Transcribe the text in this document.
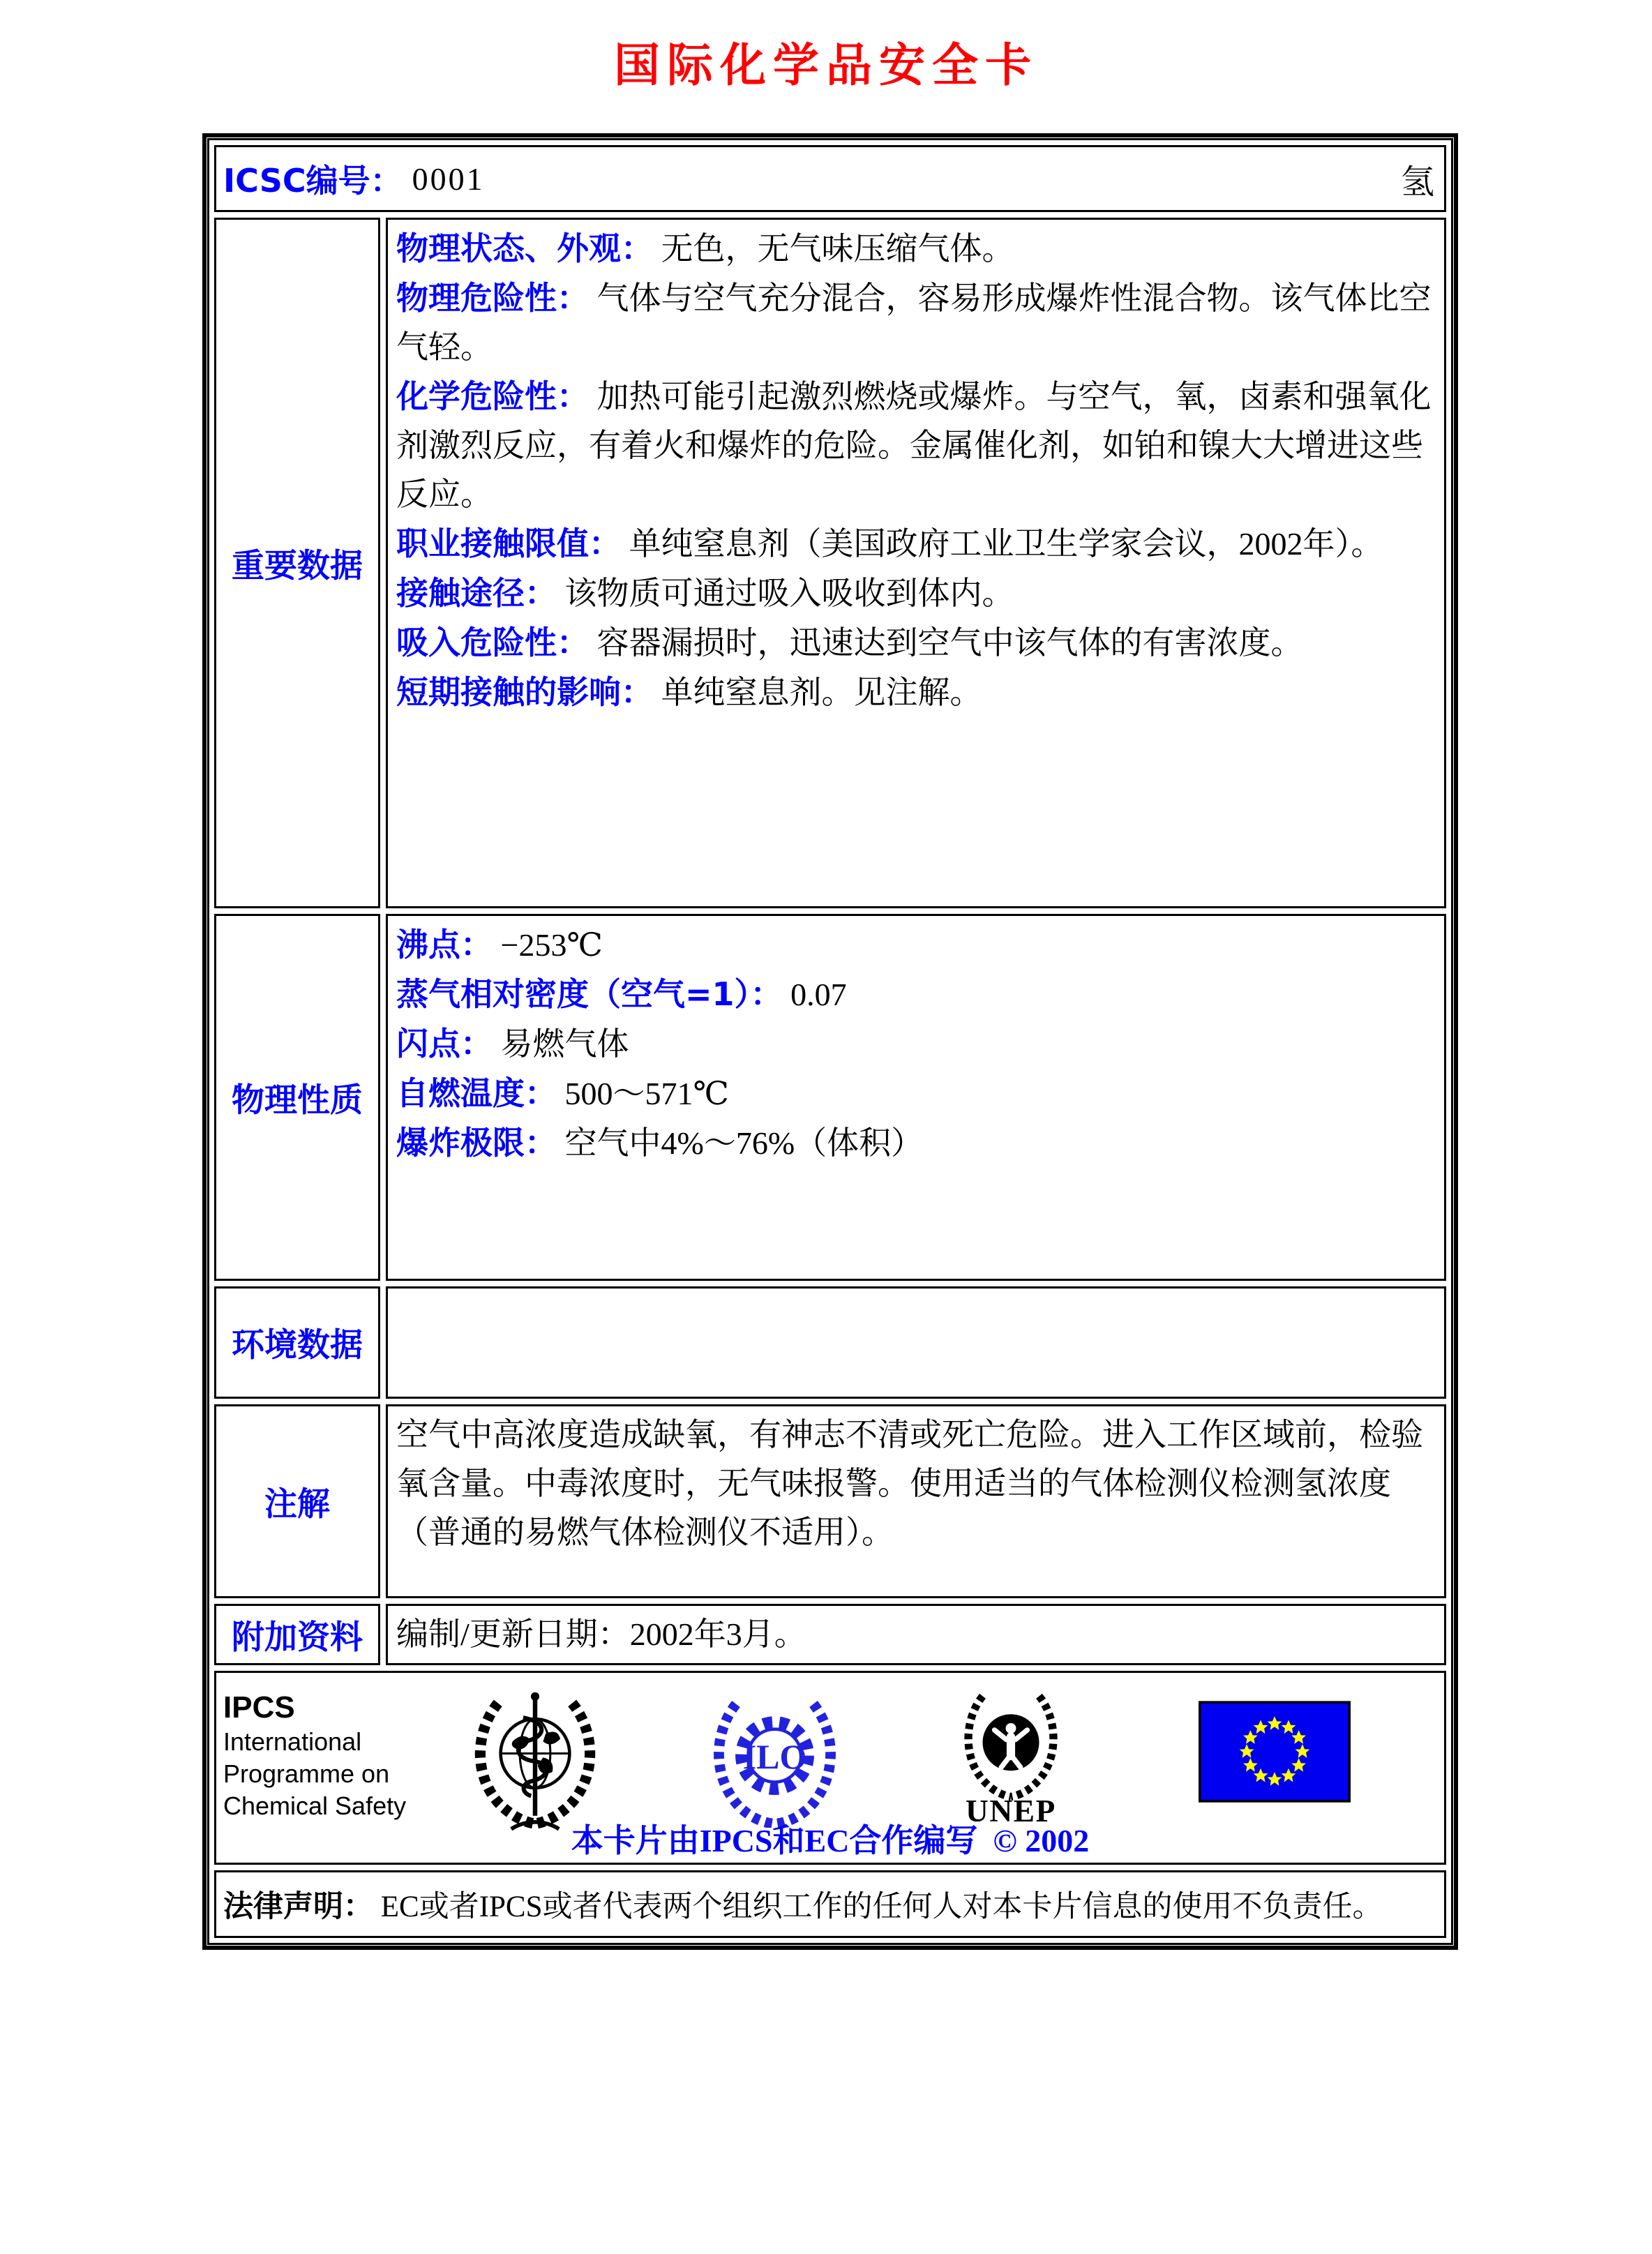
国际化学品安全卡
ICSC编号： 0001	氢
重要数据
物理状态、外观： 无色，无气味压缩气体。
物理危险性： 气体与空气充分混合，容易形成爆炸性混合物。该气体比空气轻。
化学危险性： 加热可能引起激烈燃烧或爆炸。与空气，氧，卤素和强氧化剂激烈反应，有着火和爆炸的危险。金属催化剂，如铂和镍大大增进这些反应。
职业接触限值： 单纯窒息剂（美国政府工业卫生学家会议，2002年）。
接触途径： 该物质可通过吸入吸收到体内。
吸入危险性： 容器漏损时，迅速达到空气中该气体的有害浓度。
短期接触的影响： 单纯窒息剂。见注解。
物理性质
沸点： −253℃
蒸气相对密度（空气=1）： 0.07
闪点： 易燃气体
自燃温度： 500～571℃
爆炸极限： 空气中4%～76%（体积）
环境数据
注解
空气中高浓度造成缺氧，有神志不清或死亡危险。进入工作区域前，检验氧含量。中毒浓度时，无气味报警。使用适当的气体检测仪检测氢浓度（普通的易燃气体检测仪不适用）。
附加资料	编制/更新日期：2002年3月。
IPCS
International
Programme on
Chemical Safety
ILO
UNEP
本卡片由IPCS和EC合作编写 © 2002
法律声明： EC或者IPCS或者代表两个组织工作的任何人对本卡片信息的使用不负责任。
